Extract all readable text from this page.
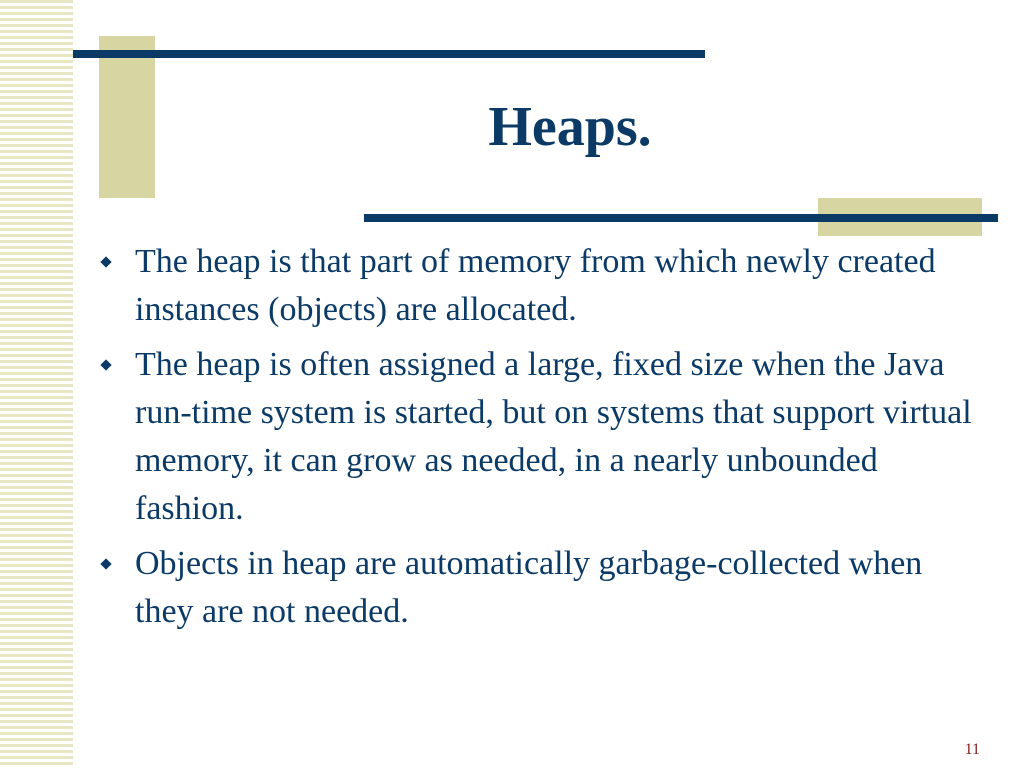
Heaps.
The heap is that part of memory from which newly created instances (objects) are allocated.
The heap is often assigned a large, fixed size when the Java run-time system is started, but on systems that support virtual memory, it can grow as needed, in a nearly unbounded fashion.
Objects in heap are automatically garbage-collected when they are not needed.
11
